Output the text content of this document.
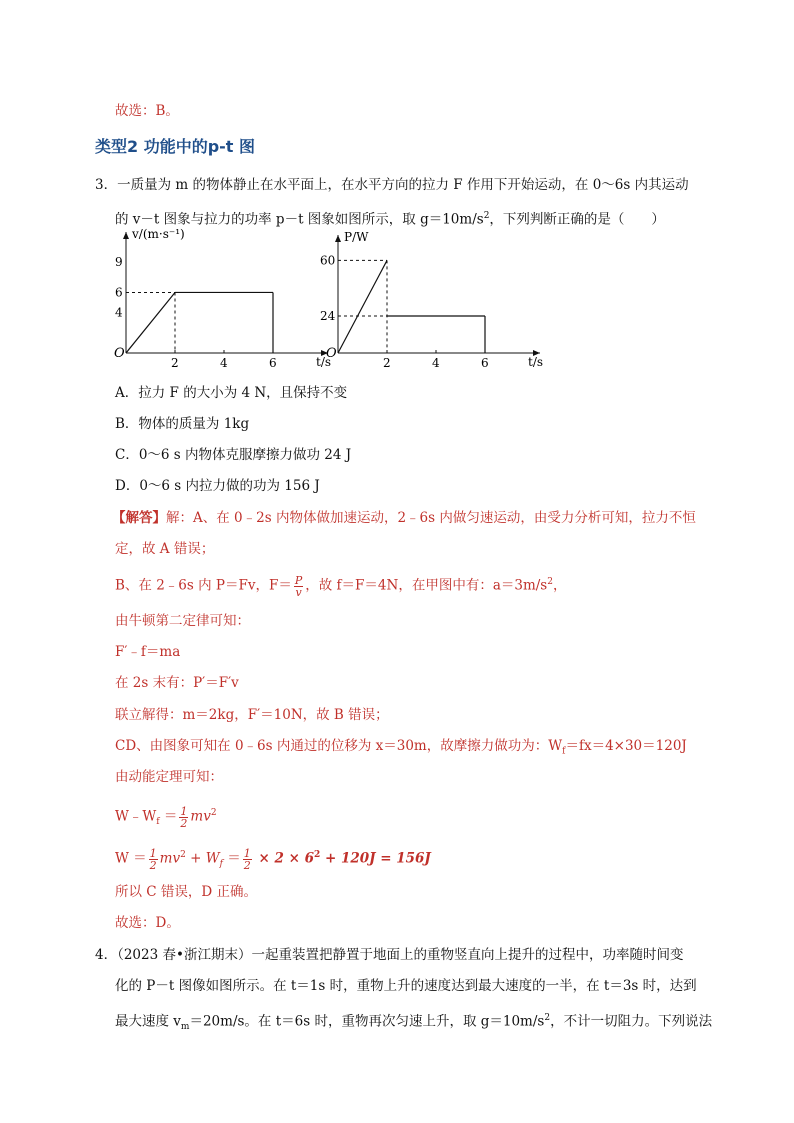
故选：B。
类型2 功能中的p-t 图
3．一质量为 m 的物体静止在水平面上，在水平方向的拉力 F 作用下开始运动，在 0～6s 内其运动
的 v－t 图象与拉力的功率 p－t 图象如图所示，取 $g=10m/s^2$，下列判断正确的是（　　）
O
t/s
v/(m·s⁻¹)
2	4	6
4
6
9
O
t/s
P/W
2	4	6
24
60
A．拉力 F 的大小为 4 N，且保持不变
B．物体的质量为 1kg
C．0～6 s 内物体克服摩擦力做功 24 J
D．0～6 s 内拉力做的功为 156 J
【解答】解：A、在 0﹣2s 内物体做加速运动，2﹣6s 内做匀速运动，由受力分析可知，拉力不恒
定，故 A 错误；
B、在 2﹣6s 内 P＝Fv，$F= \frac{P}{v}$ ，故 f＝F＝4N，在甲图中有：$a=3m/s^2$，
由牛顿第二定律可知：
F′﹣f＝ma
在 2s 末有：P′＝F′v
联立解得：m＝2kg，F′＝10N，故 B 错误；
CD、由图象可知在 0﹣6s 内通过的位移为 x＝30m，故摩擦力做功为：$W_f=fx=4\times 30=120J$
由动能定理可知：
$W﹣W_f = \frac{1}{2} mv^2$
$W = \frac{1}{2} mv^2 + W_f = \frac{1}{2} \times 2 \times 6^2 + 120J = 156J$
所以 C 错误，D 正确。
故选：D。
4．（2023 春•浙江期末）一起重装置把静置于地面上的重物竖直向上提升的过程中，功率随时间变
化的 P－t 图像如图所示。在 t＝1s 时，重物上升的速度达到最大速度的一半，在 t＝3s 时，达到
最大速度 $v_m=20m/s$。在 t＝6s 时，重物再次匀速上升，取 $g=10m/s^2$，不计一切阻力。下列说法
